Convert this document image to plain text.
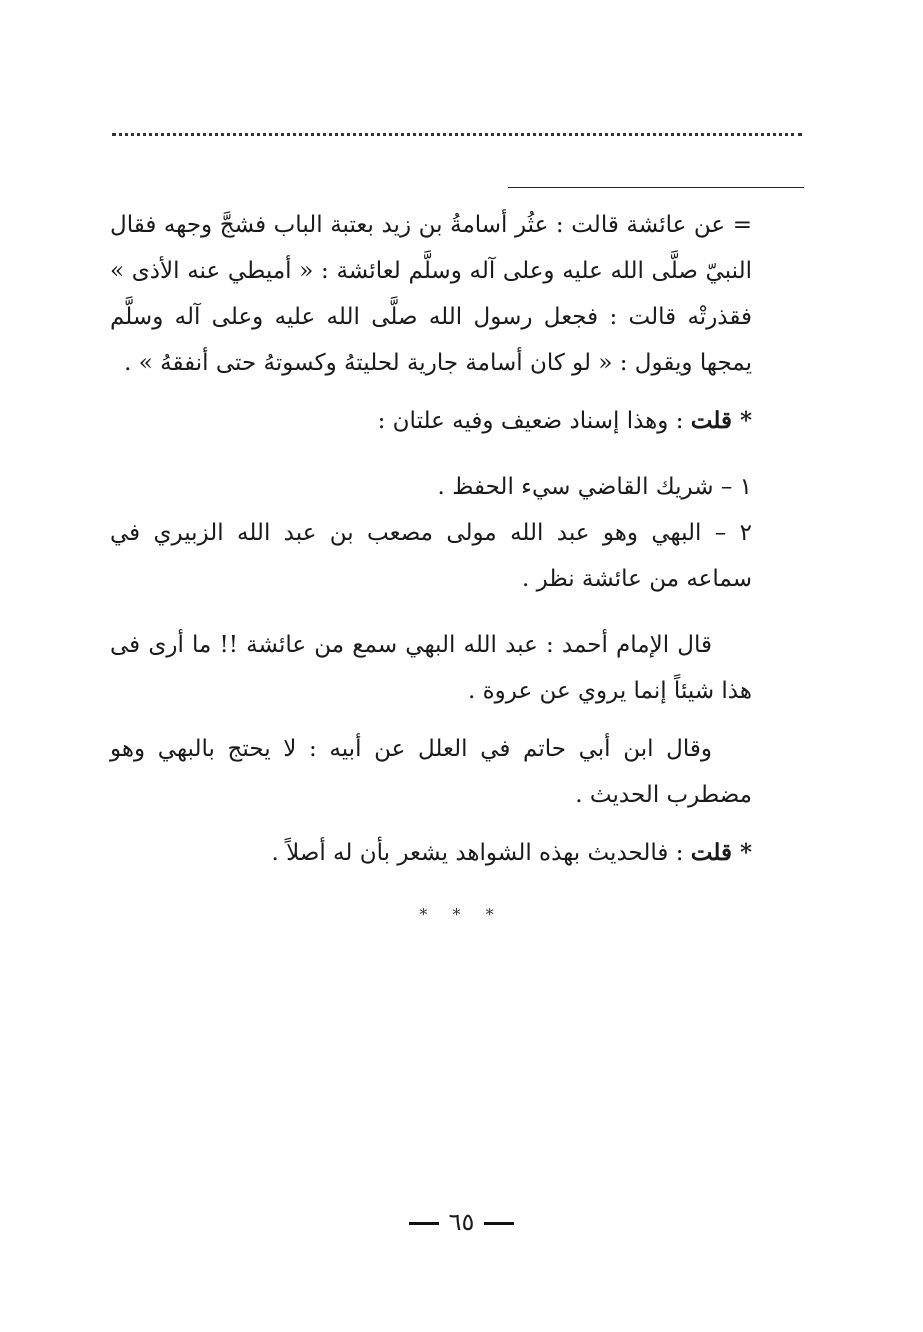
= عن عائشة قالت : عثُر أسامةُ بن زيد بعتبة الباب فشجَّ وجهه فقال النبيّ صلَّى الله عليه وعلى آله وسلَّم لعائشة : « أميطي عنه الأذى » فقذرتْه قالت : فجعل رسول الله صلَّى الله عليه وعلى آله وسلَّم يمجها ويقول : « لو كان أسامة جارية لحليتهُ وكسوتهُ حتى أنفقهُ » .

* قلت : وهذا إسناد ضعيف وفيه علتان :

١ – شريك القاضي سيء الحفظ .

٢ – البهي وهو عبد الله مولى مصعب بن عبد الله الزبيري في سماعه من عائشة نظر .

قال الإمام أحمد : عبد الله البهي سمع من عائشة !! ما أرى فى هذا شيئاً إنما يروي عن عروة .

وقال ابن أبي حاتم في العلل عن أبيه : لا يحتج بالبهي وهو مضطرب الحديث .

* قلت : فالحديث بهذه الشواهد يشعر بأن له أصلاً .

* * *
٦٥
